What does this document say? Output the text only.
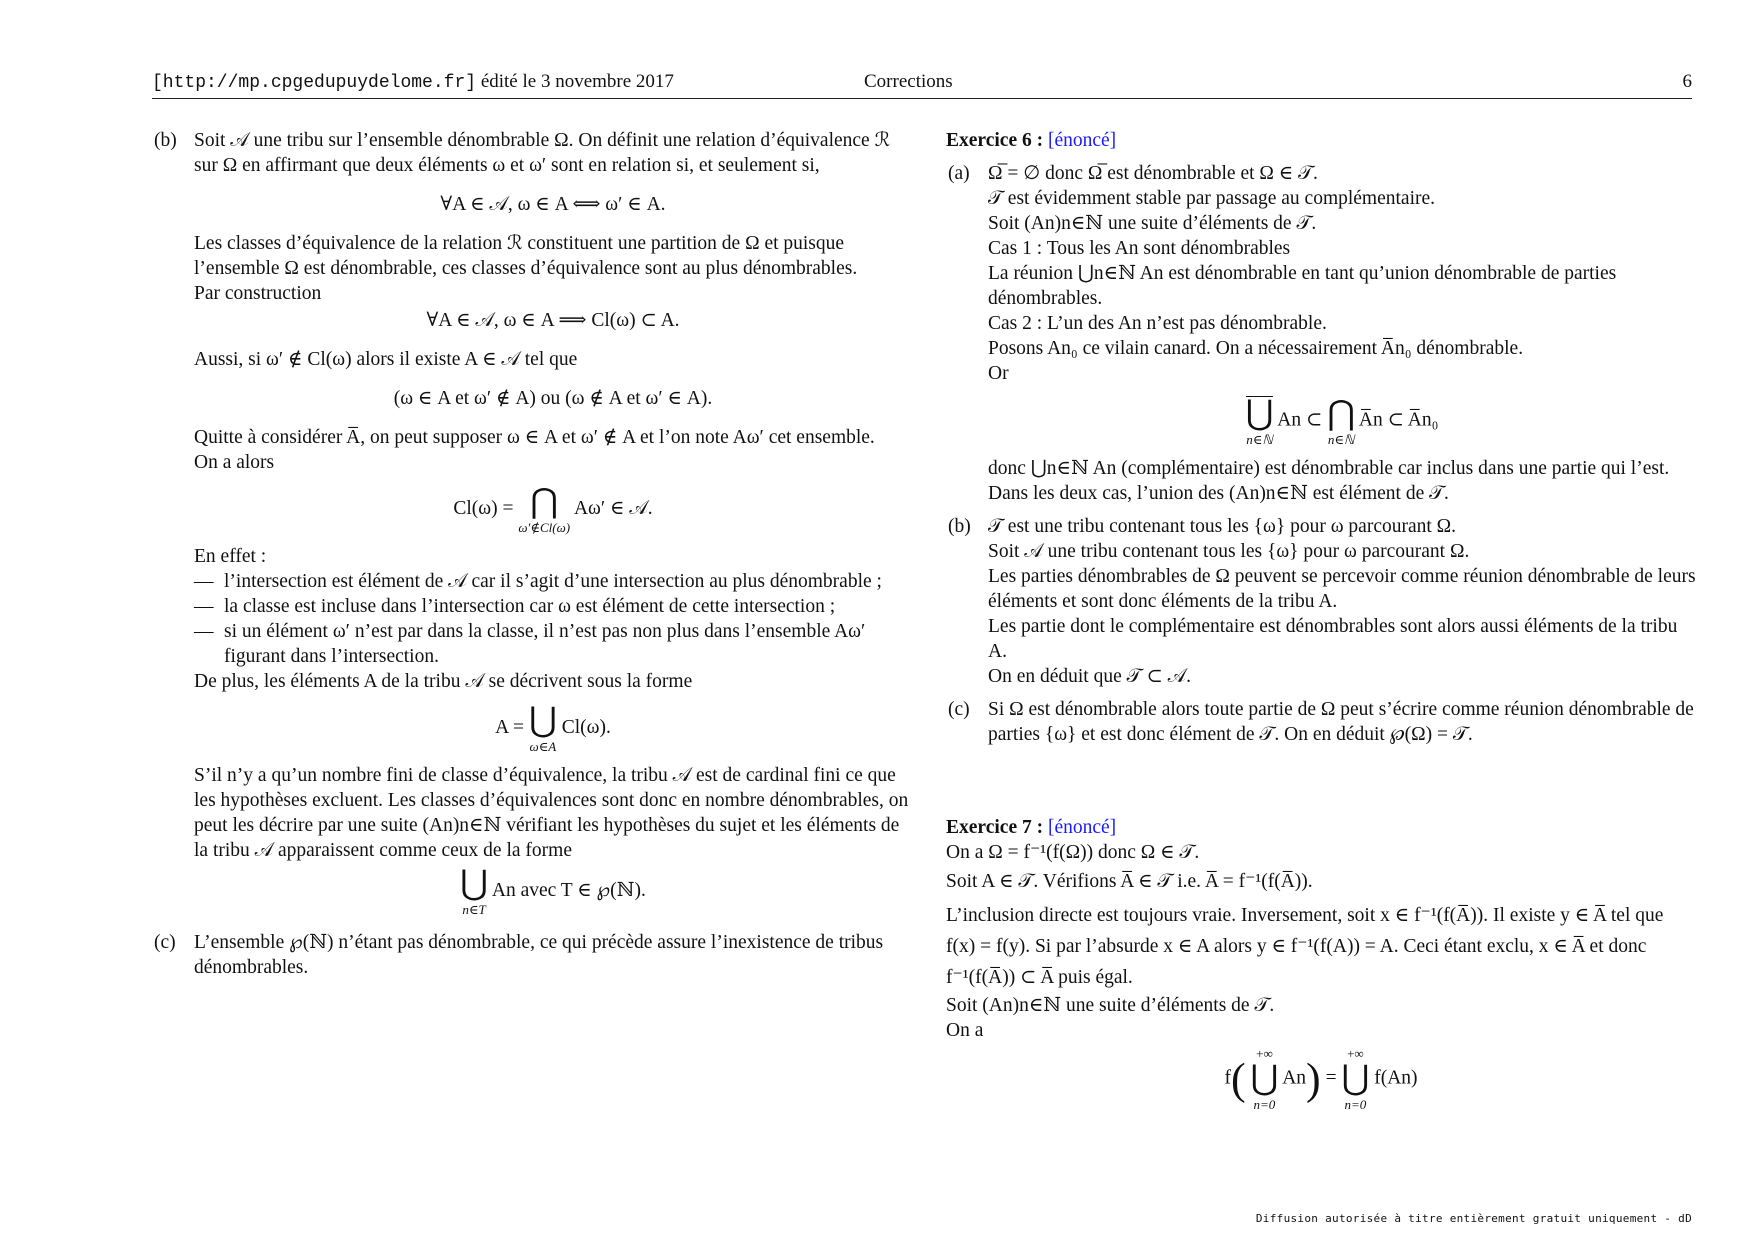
[http://mp.cpgedupuydelome.fr] édité le 3 novembre 2017	Corrections	6
(b) Soit 𝒜 une tribu sur l’ensemble dénombrable Ω. On définit une relation d’équivalence ℛ sur Ω en affirmant que deux éléments ω et ω′ sont en relation si, et seulement si,

∀A ∈ 𝒜, ω ∈ A ⟺ ω′ ∈ A.

Les classes d’équivalence de la relation ℛ constituent une partition de Ω et puisque l’ensemble Ω est dénombrable, ces classes d’équivalence sont au plus dénombrables.

Par construction

∀A ∈ 𝒜, ω ∈ A ⟹ Cl(ω) ⊂ A.

Aussi, si ω′ ∉ Cl(ω) alors il existe A ∈ 𝒜 tel que

(ω ∈ A et ω′ ∉ A) ou (ω ∉ A et ω′ ∈ A).

Quitte à considérer A̅, on peut supposer ω ∈ A et ω′ ∉ A et l’on note Aω′ cet ensemble.

On a alors

Cl(ω) = ⋂
ω′∉Cl(ω)
Aω′ ∈ 𝒜.

En effet :

— l’intersection est élément de 𝒜 car il s’agit d’une intersection au plus dénombrable ;
— la classe est incluse dans l’intersection car ω est élément de cette intersection ;
— si un élément ω′ n’est par dans la classe, il n’est pas non plus dans l’ensemble Aω′ figurant dans l’intersection.

De plus, les éléments A de la tribu 𝒜 se décrivent sous la forme

A = ⋃
ω∈A
Cl(ω).

S’il n’y a qu’un nombre fini de classe d’équivalence, la tribu 𝒜 est de cardinal fini ce que les hypothèses excluent. Les classes d’équivalences sont donc en nombre dénombrables, on peut les décrire par une suite (An)n∈ℕ vérifiant les hypothèses du sujet et les éléments de la tribu 𝒜 apparaissent comme ceux de la forme

⋃
n∈T
An avec T ∈ ℘(ℕ).
(c) L’ensemble ℘(ℕ) n’étant pas dénombrable, ce qui précède assure l’inexistence de tribus dénombrables.

Exercice 6 : [énoncé]

(a) Ω̅ = ∅ donc Ω̅ est dénombrable et Ω ∈ 𝒯.

𝒯 est évidemment stable par passage au complémentaire.

Soit (An)n∈ℕ une suite d’éléments de 𝒯.

Cas 1 : Tous les An sont dénombrables

La réunion ⋃n∈ℕ An est dénombrable en tant qu’union dénombrable de parties dénombrables.

Cas 2 : L’un des An n’est pas dénombrable.

Posons An₀ ce vilain canard. On a nécessairement A̅n₀ dénombrable.

Or

⋃
n∈ℕ
An ⊂ ⋂
n∈ℕ
A̅n ⊂ A̅n₀

donc ⋃n∈ℕ An (complémentaire) est dénombrable car inclus dans une partie qui l’est.

Dans les deux cas, l’union des (An)n∈ℕ est élément de 𝒯.

(b) 𝒯 est une tribu contenant tous les {ω} pour ω parcourant Ω.

Soit 𝒜 une tribu contenant tous les {ω} pour ω parcourant Ω.

Les parties dénombrables de Ω peuvent se percevoir comme réunion dénombrable de leurs éléments et sont donc éléments de la tribu A.

Les partie dont le complémentaire est dénombrables sont alors aussi éléments de la tribu A.

On en déduit que 𝒯 ⊂ 𝒜.

(c) Si Ω est dénombrable alors toute partie de Ω peut s’écrire comme réunion dénombrable de parties {ω} et est donc élément de 𝒯. On en déduit ℘(Ω) = 𝒯.

Exercice 7 : [énoncé]

On a Ω = f⁻¹(f(Ω)) donc Ω ∈ 𝒯.

Soit A ∈ 𝒯. Vérifions A̅ ∈ 𝒯 i.e. A̅ = f⁻¹(f(A̅)).

L’inclusion directe est toujours vraie. Inversement, soit x ∈ f⁻¹(f(A̅)). Il existe y ∈ A̅ tel que f(x) = f(y). Si par l’absurde x ∈ A alors y ∈ f⁻¹(f(A)) = A. Ceci étant exclu, x ∈ A̅ et donc f⁻¹(f(A̅)) ⊂ A̅ puis égal.

Soit (An)n∈ℕ une suite d’éléments de 𝒯.

On a

f(
+∞
⋃
n=0
An) =
+∞
⋃
n=0
f(An)
Diffusion autorisée à titre entièrement gratuit uniquement - dD
